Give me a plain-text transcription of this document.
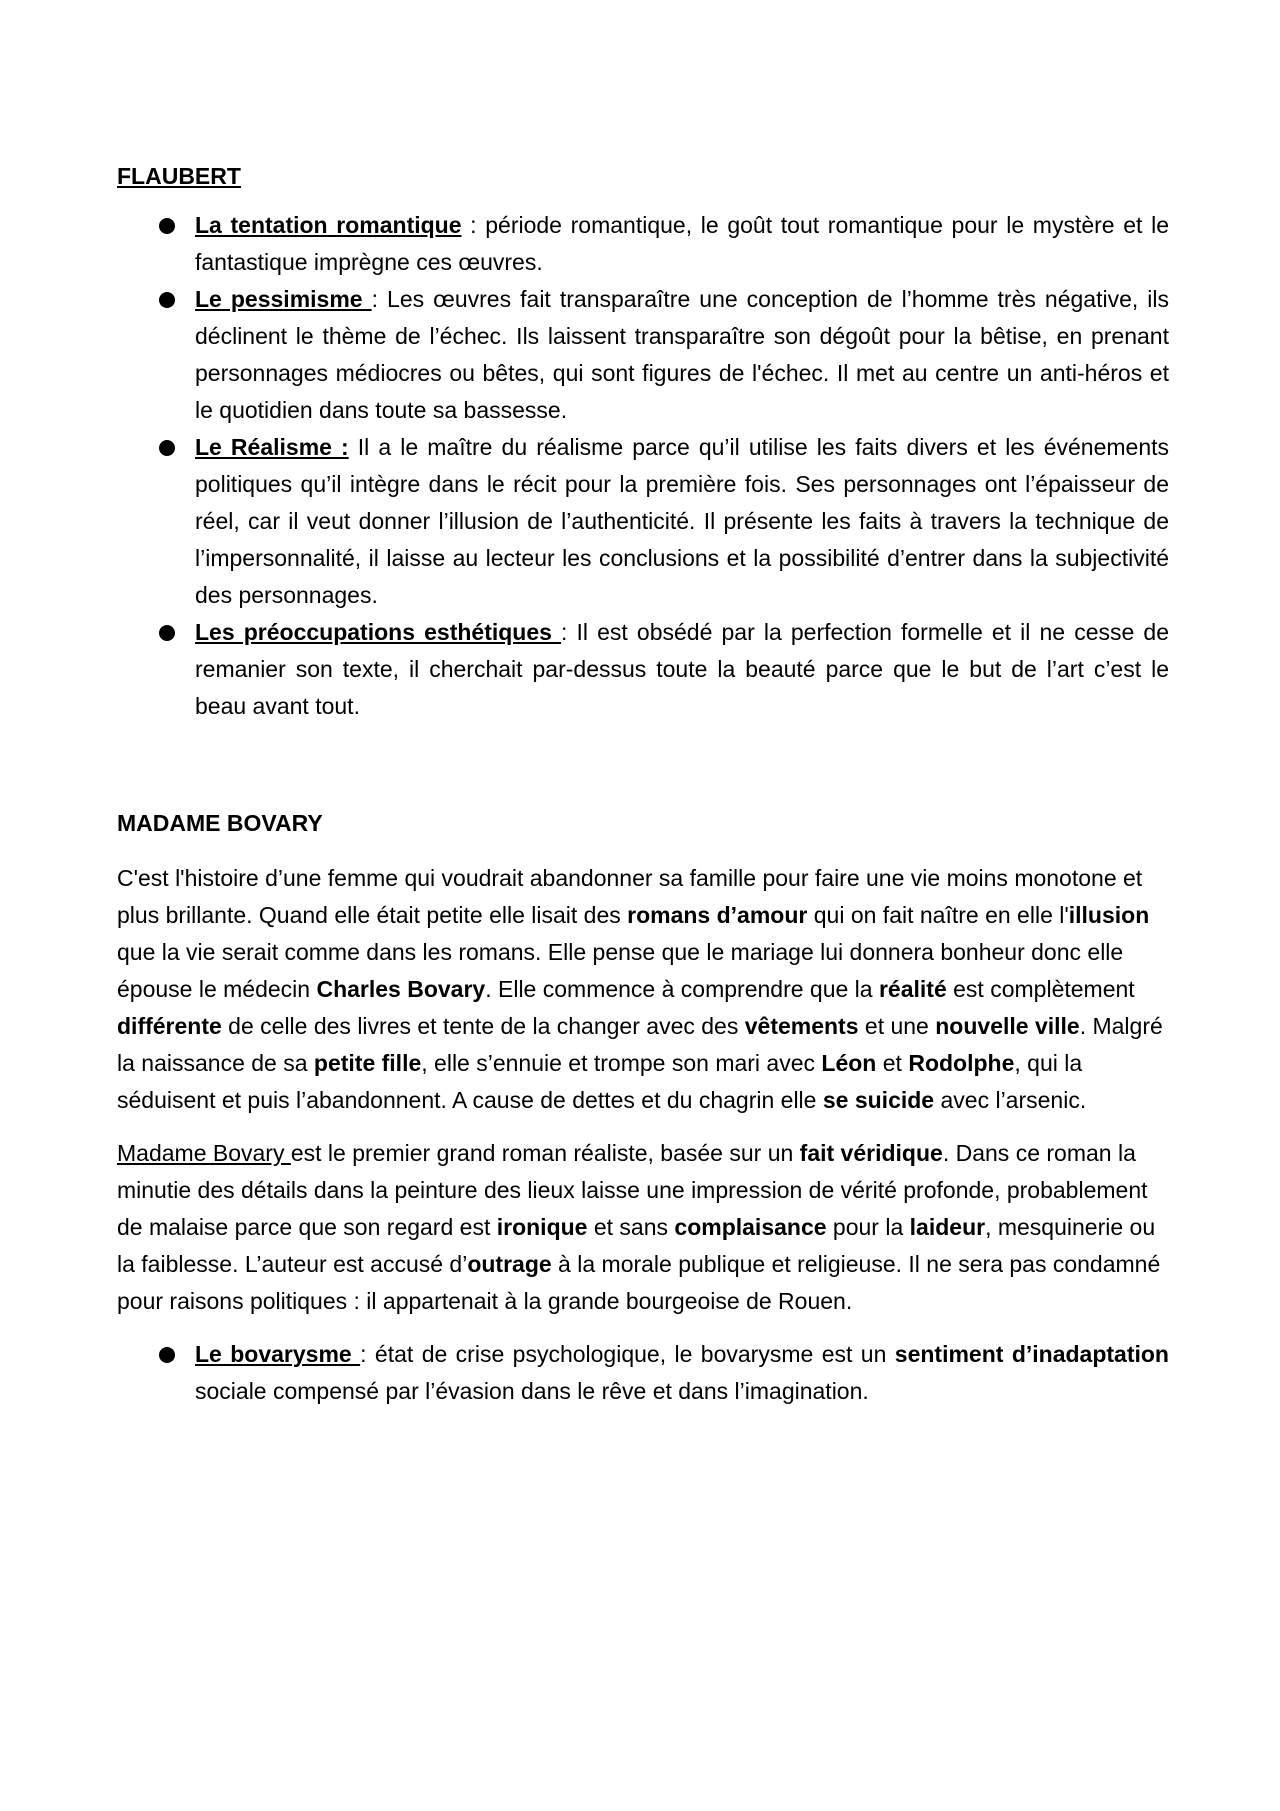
FLAUBERT

La tentation romantique : période romantique, le goût tout romantique pour le mystère et le fantastique imprègne ces œuvres.
Le pessimisme : Les œuvres fait transparaître une conception de l’homme très négative, ils déclinent le thème de l’échec. Ils laissent transparaître son dégoût pour la bêtise, en prenant personnages médiocres ou bêtes, qui sont figures de l'échec. Il met au centre un anti-héros et le quotidien dans toute sa bassesse.
Le Réalisme : Il a le maître du réalisme parce qu’il utilise les faits divers et les événements politiques qu’il intègre dans le récit pour la première fois. Ses personnages ont l’épaisseur de réel, car il veut donner l’illusion de l’authenticité. Il présente les faits à travers la technique de l’impersonnalité, il laisse au lecteur les conclusions et la possibilité d’entrer dans la subjectivité des personnages.
Les préoccupations esthétiques : Il est obsédé par la perfection formelle et il ne cesse de remanier son texte, il cherchait par-dessus toute la beauté parce que le but de l’art c’est le beau avant tout.

MADAME BOVARY

C'est l'histoire d’une femme qui voudrait abandonner sa famille pour faire une vie moins monotone et plus brillante. Quand elle était petite elle lisait des romans d’amour qui on fait naître en elle l'illusion que la vie serait comme dans les romans. Elle pense que le mariage lui donnera bonheur donc elle épouse le médecin Charles Bovary. Elle commence à comprendre que la réalité est complètement différente de celle des livres et tente de la changer avec des vêtements et une nouvelle ville. Malgré la naissance de sa petite fille, elle s’ennuie et trompe son mari avec Léon et Rodolphe, qui la séduisent et puis l’abandonnent. A cause de dettes et du chagrin elle se suicide avec l’arsenic.

Madame Bovary est le premier grand roman réaliste, basée sur un fait véridique. Dans ce roman la minutie des détails dans la peinture des lieux laisse une impression de vérité profonde, probablement de malaise parce que son regard est ironique et sans complaisance pour la laideur, mesquinerie ou la faiblesse. L’auteur est accusé d’outrage à la morale publique et religieuse. Il ne sera pas condamné pour raisons politiques : il appartenait à la grande bourgeoise de Rouen.

Le bovarysme : état de crise psychologique, le bovarysme est un sentiment d’inadaptation sociale compensé par l’évasion dans le rêve et dans l’imagination.
